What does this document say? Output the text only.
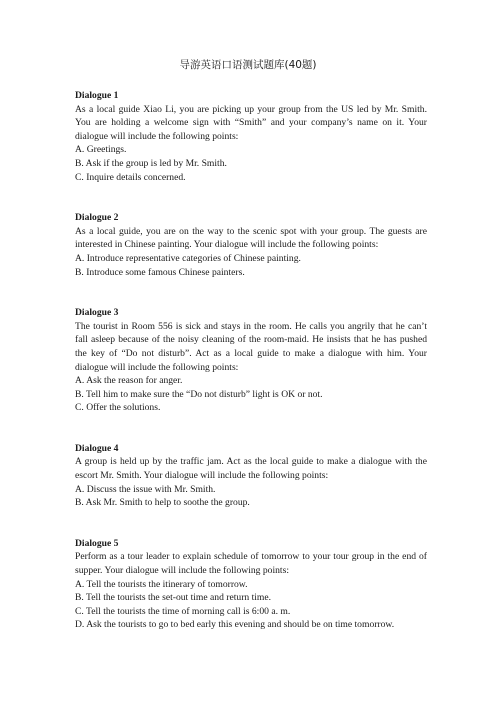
导游英语口语测试题库(40题)
Dialogue 1
As a local guide Xiao Li, you are picking up your group from the US led by Mr. Smith. You are holding a welcome sign with “Smith” and your company’s name on it. Your dialogue will include the following points:
A. Greetings.
B. Ask if the group is led by Mr. Smith.
C. Inquire details concerned.
Dialogue 2
As a local guide, you are on the way to the scenic spot with your group. The guests are interested in Chinese painting. Your dialogue will include the following points:
A. Introduce representative categories of Chinese painting.
B. Introduce some famous Chinese painters.
Dialogue 3
The tourist in Room 556 is sick and stays in the room. He calls you angrily that he can’t fall asleep because of the noisy cleaning of the room-maid. He insists that he has pushed the key of “Do not disturb”. Act as a local guide to make a dialogue with him. Your dialogue will include the following points:
A. Ask the reason for anger.
B. Tell him to make sure the “Do not disturb” light is OK or not.
C. Offer the solutions.
Dialogue 4
A group is held up by the traffic jam. Act as the local guide to make a dialogue with the escort Mr. Smith. Your dialogue will include the following points:
A. Discuss the issue with Mr. Smith.
B. Ask Mr. Smith to help to soothe the group.
Dialogue 5
Perform as a tour leader to explain schedule of tomorrow to your tour group in the end of supper. Your dialogue will include the following points:
A. Tell the tourists the itinerary of tomorrow.
B. Tell the tourists the set-out time and return time.
C. Tell the tourists the time of morning call is 6:00 a. m.
D. Ask the tourists to go to bed early this evening and should be on time tomorrow.
